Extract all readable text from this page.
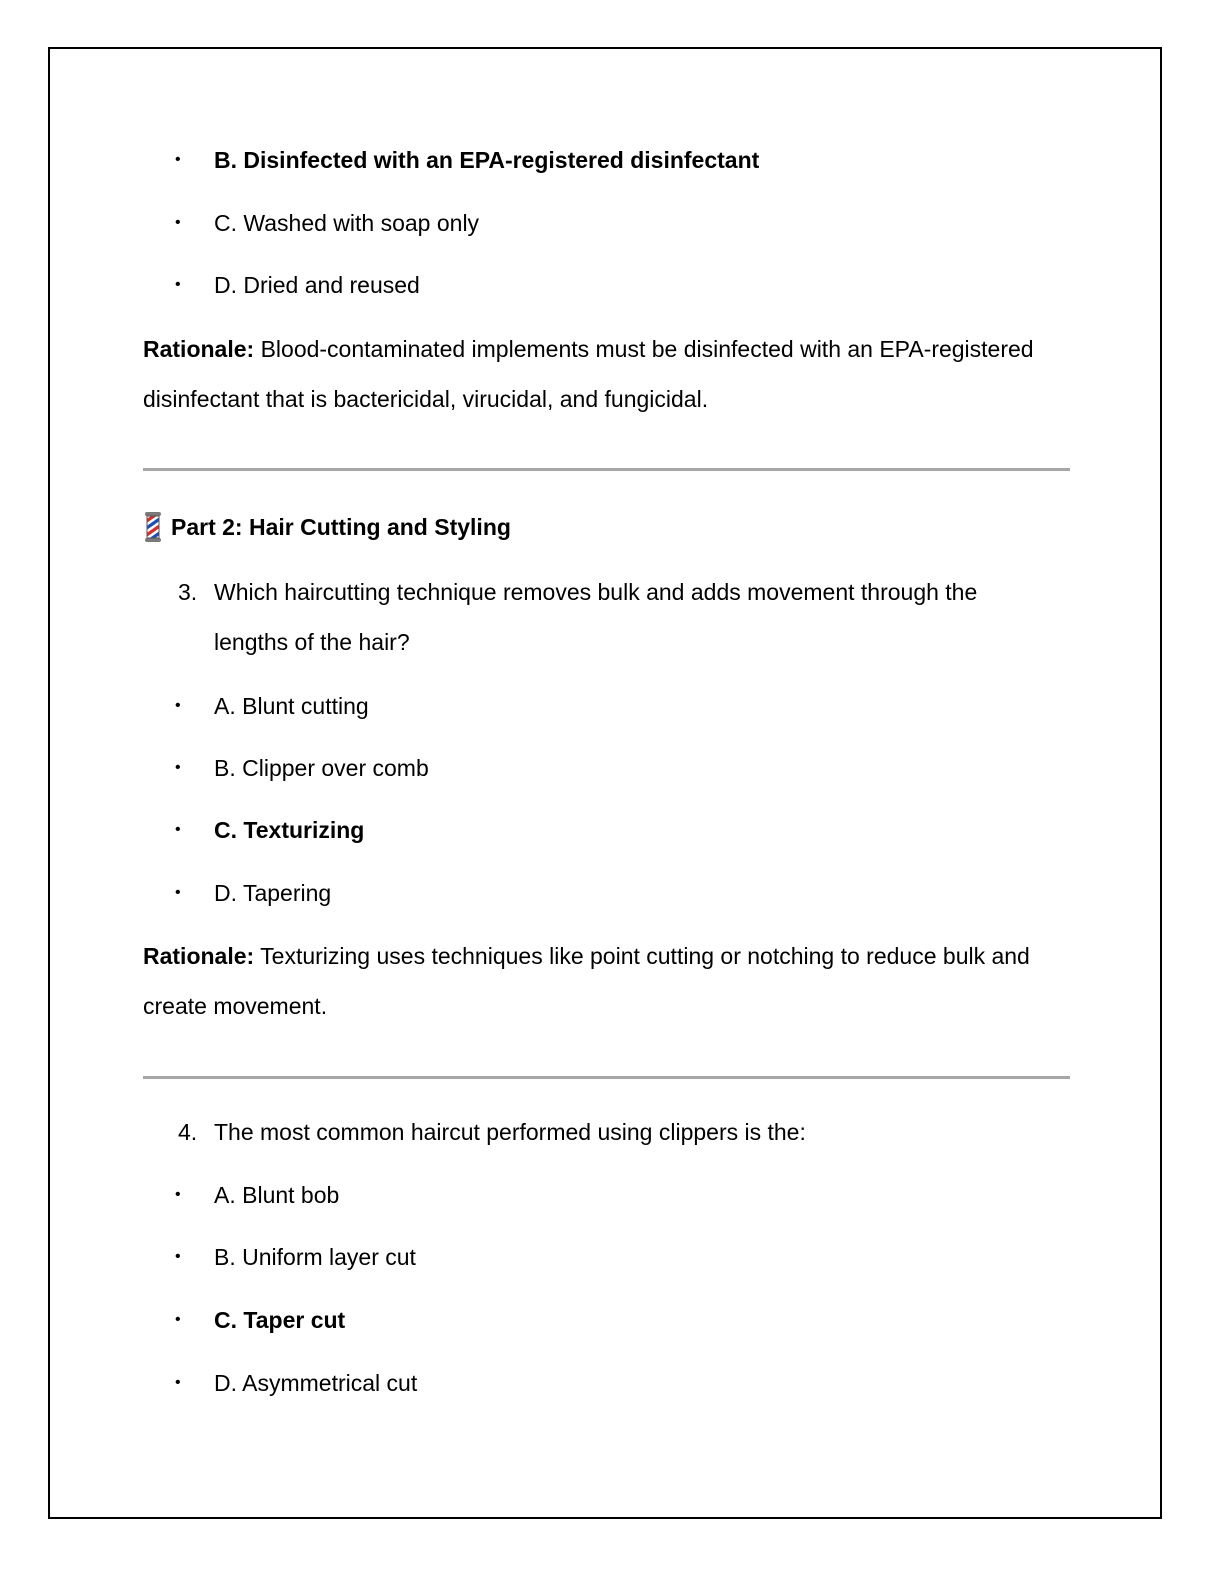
•	B. Disinfected with an EPA-registered disinfectant
•	C. Washed with soap only
•	D. Dried and reused
Rationale: Blood-contaminated implements must be disinfected with an EPA-registered disinfectant that is bactericidal, virucidal, and fungicidal.
Part 2: Hair Cutting and Styling
3. Which haircutting technique removes bulk and adds movement through the lengths of the hair?
•	A. Blunt cutting
•	B. Clipper over comb
•	C. Texturizing
•	D. Tapering
Rationale: Texturizing uses techniques like point cutting or notching to reduce bulk and create movement.
4. The most common haircut performed using clippers is the:
•	A. Blunt bob
•	B. Uniform layer cut
•	C. Taper cut
•	D. Asymmetrical cut
